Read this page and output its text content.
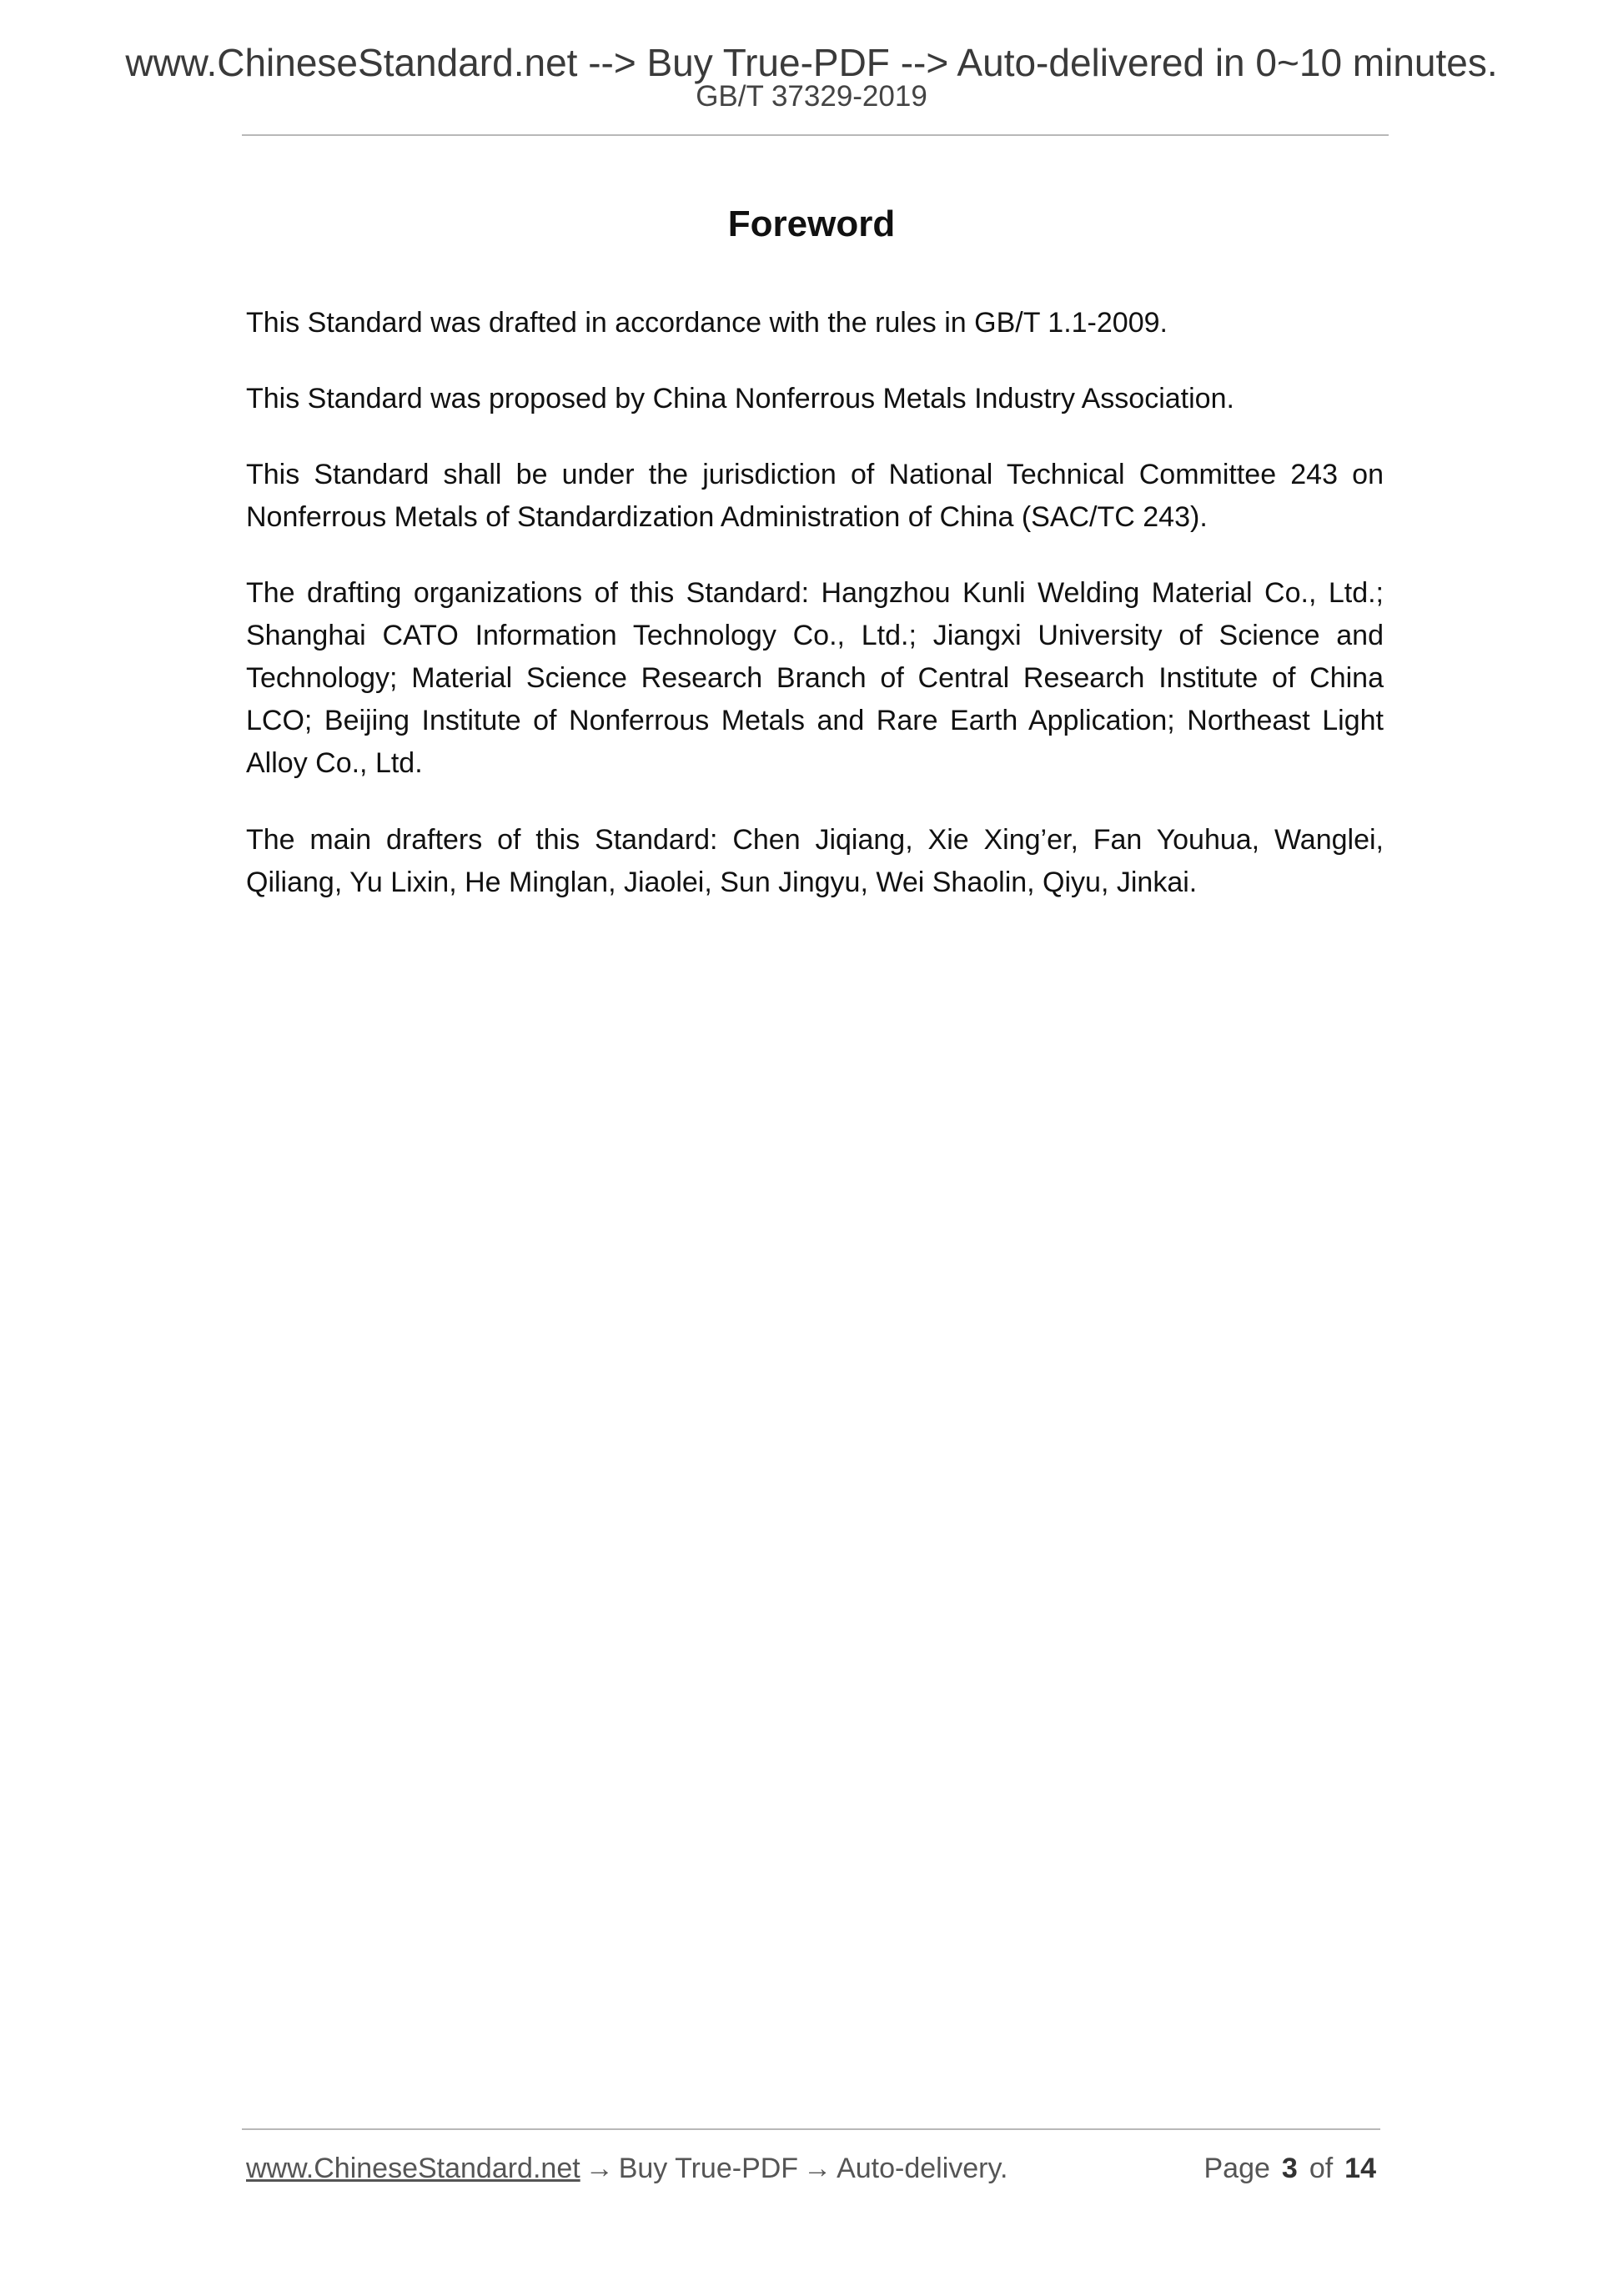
www.ChineseStandard.net --> Buy True-PDF --> Auto-delivered in 0~10 minutes.
GB/T 37329-2019
Foreword

This Standard was drafted in accordance with the rules in GB/T 1.1-2009.

This Standard was proposed by China Nonferrous Metals Industry Association.

This Standard shall be under the jurisdiction of National Technical Committee 243 on Nonferrous Metals of Standardization Administration of China (SAC/TC 243).

The drafting organizations of this Standard: Hangzhou Kunli Welding Material Co., Ltd.; Shanghai CATO Information Technology Co., Ltd.; Jiangxi University of Science and Technology; Material Science Research Branch of Central Research Institute of China LCO; Beijing Institute of Nonferrous Metals and Rare Earth Application; Northeast Light Alloy Co., Ltd.

The main drafters of this Standard: Chen Jiqiang, Xie Xing’er, Fan Youhua, Wanglei, Qiliang, Yu Lixin, He Minglan, Jiaolei, Sun Jingyu, Wei Shaolin, Qiyu, Jinkai.

www.ChineseStandard.net → Buy True-PDF → Auto-delivery.	Page 3 of 14
